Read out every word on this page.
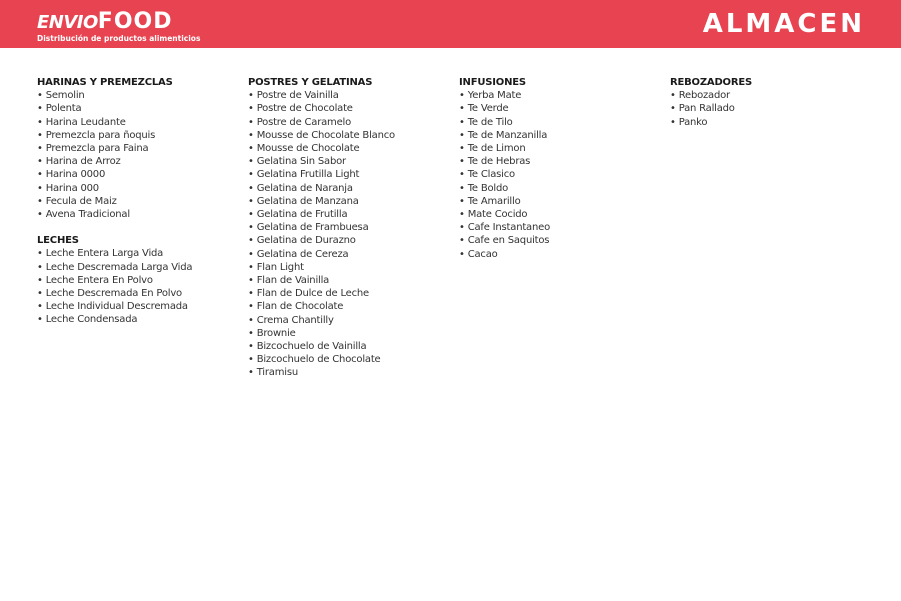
ENVIOFOOD
Distribución de productos alimenticios	ALMACEN
HARINAS Y PREMEZCLAS
• Semolin
• Polenta
• Harina Leudante
• Premezcla para ñoquis
• Premezcla para Faina
• Harina de Arroz
• Harina 0000
• Harina 000
• Fecula de Maiz
• Avena Tradicional
LECHES
• Leche Entera Larga Vida
• Leche Descremada Larga Vida
• Leche Entera En Polvo
• Leche Descremada En Polvo
• Leche Individual Descremada
• Leche Condensada
POSTRES Y GELATINAS
• Postre de Vainilla
• Postre de Chocolate
• Postre de Caramelo
• Mousse de Chocolate Blanco
• Mousse de Chocolate
• Gelatina Sin Sabor
• Gelatina Frutilla Light
• Gelatina de Naranja
• Gelatina de Manzana
• Gelatina de Frutilla
• Gelatina de Frambuesa
• Gelatina de Durazno
• Gelatina de Cereza
• Flan Light
• Flan de Vainilla
• Flan de Dulce de Leche
• Flan de Chocolate
• Crema Chantilly
• Brownie
• Bizcochuelo de Vainilla
• Bizcochuelo de Chocolate
• Tiramisu
INFUSIONES
• Yerba Mate
• Te Verde
• Te de Tilo
• Te de Manzanilla
• Te de Limon
• Te de Hebras
• Te Clasico
• Te Boldo
• Te Amarillo
• Mate Cocido
• Cafe Instantaneo
• Cafe en Saquitos
• Cacao
REBOZADORES
• Rebozador
• Pan Rallado
• Panko
